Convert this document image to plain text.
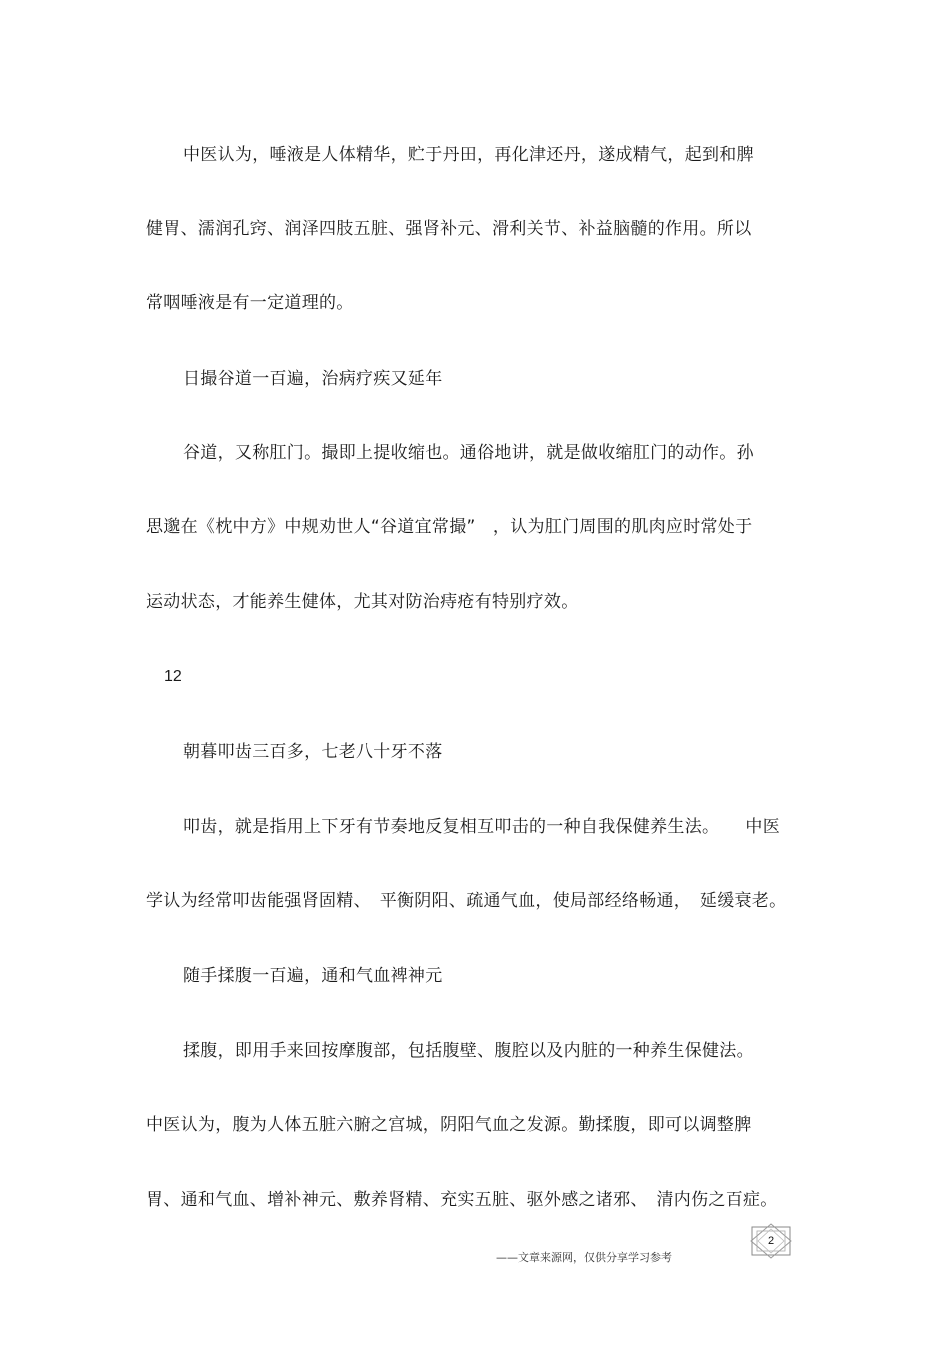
中医认为，唾液是人体精华，贮于丹田，再化津还丹，遂成精气，起到和脾
健胃、濡润孔窍、润泽四肢五脏、强肾补元、滑利关节、补益脑髓的作用。所以
常咽唾液是有一定道理的。
日撮谷道一百遍，治病疗疾又延年
谷道，又称肛门。撮即上提收缩也。通俗地讲，就是做收缩肛门的动作。孙
思邈在《枕中方》中规劝世人“谷道宜常撮”　，认为肛门周围的肌肉应时常处于
运动状态，才能养生健体，尤其对防治痔疮有特别疗效。
12
朝暮叩齿三百多，七老八十牙不落
叩齿，就是指用上下牙有节奏地反复相互叩击的一种自我保健养生法。　　中医
学认为经常叩齿能强肾固精、　平衡阴阳、疏通气血，使局部经络畅通，　延缓衰老。
随手揉腹一百遍，通和气血裨神元
揉腹，即用手来回按摩腹部，包括腹壁、腹腔以及内脏的一种养生保健法。
中医认为，腹为人体五脏六腑之宫城，阴阳气血之发源。勤揉腹，即可以调整脾
胃、通和气血、增补神元、敷养肾精、充实五脏、驱外感之诸邪、　清内伤之百症。
——文章来源网，仅供分享学习参考
2
